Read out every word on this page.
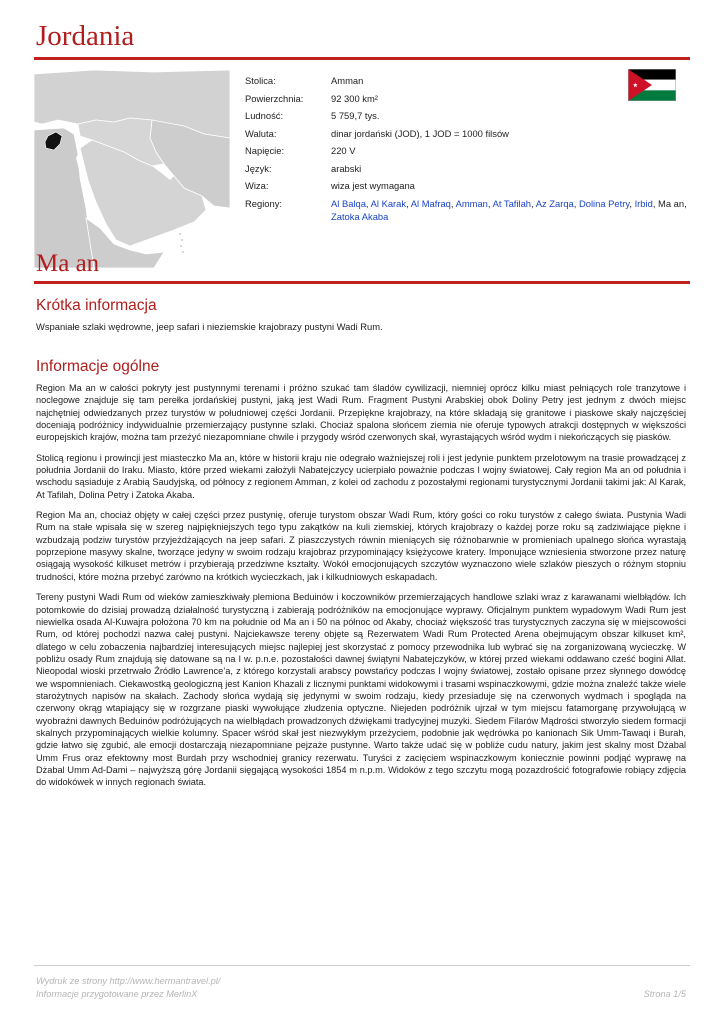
Jordania
Stolica:	Amman
Powierzchnia:	92 300 km²
Ludność:	5 759,7 tys.
Waluta:	dinar jordański (JOD), 1 JOD = 1000 filsów
Napięcie:	220 V
Język:	arabski
Wiza:	wiza jest wymagana
Regiony:	Al Balqa, Al Karak, Al Mafraq, Amman, At Tafilah, Az Zarqa, Dolina Petry, Irbid, Ma an, Zatoka Akaba
Ma an
Krótka informacja
Wspaniałe szlaki wędrowne, jeep safari i nieziemskie krajobrazy pustyni Wadi Rum.
Informacje ogólne

Region Ma an w całości pokryty jest pustynnymi terenami i próżno szukać tam śladów cywilizacji, niemniej oprócz kilku miast pełniących role tranzytowe i noclegowe znajduje się tam perełka jordańskiej pustyni, jaką jest Wadi Rum. Fragment Pustyni Arabskiej obok Doliny Petry jest jednym z dwóch miejsc najchętniej odwiedzanych przez turystów w południowej części Jordanii. Przepiękne krajobrazy, na które składają się granitowe i piaskowe skały najczęściej doceniają podróżnicy indywidualnie przemierzający pustynne szlaki. Chociaż spalona słońcem ziemia nie oferuje typowych atrakcji dostępnych w większości europejskich krajów, można tam przeżyć niezapomniane chwile i przygody wśród czerwonych skał, wyrastających wśród wydm i niekończących się piasków.

Stolicą regionu i prowincji jest miasteczko Ma an, które w historii kraju nie odegrało ważniejszej roli i jest jedynie punktem przelotowym na trasie prowadzącej z południa Jordanii do Iraku. Miasto, które przed wiekami założyli Nabatejczycy ucierpiało poważnie podczas I wojny światowej. Cały region Ma an od południa i wschodu sąsiaduje z Arabią Saudyjską, od północy z regionem Amman, z kolei od zachodu z pozostałymi regionami turystycznymi Jordanii takimi jak: Al Karak, At Tafilah, Dolina Petry i Zatoka Akaba.

Region Ma an, chociaż objęty w całej części przez pustynię, oferuje turystom obszar Wadi Rum, który gości co roku turystów z całego świata. Pustynia Wadi Rum na stałe wpisała się w szereg najpiękniejszych tego typu zakątków na kuli ziemskiej, których krajobrazy o każdej porze roku są zadziwiające piękne i wzbudzają podziw turystów przyjeżdżających na jeep safari. Z piaszczystych równin mieniących się różnobarwnie w promieniach upalnego słońca wyrastają poprzepione masywy skalne, tworzące jedyny w swoim rodzaju krajobraz przypominający księżycowe kratery. Imponujące wzniesienia stworzone przez naturę osiągają wysokość kilkuset metrów i przybierają przedziwne kształty. Wokół emocjonujących szczytów wyznaczono wiele szlaków pieszych o różnym stopniu trudności, które można przebyć zarówno na krótkich wycieczkach, jak i kilkudniowych eskapadach.

Tereny pustyni Wadi Rum od wieków zamieszkiwały plemiona Beduinów i koczowników przemierzających handlowe szlaki wraz z karawanami wielbłądów. Ich potomkowie do dzisiaj prowadzą działalność turystyczną i zabierają podróżników na emocjonujące wyprawy. Oficjalnym punktem wypadowym Wadi Rum jest niewielka osada Al-Kuwajra położona 70 km na południe od Ma an i 50 na północ od Akaby, chociaż większość tras turystycznych zaczyna się w miejscowości Rum, od której pochodzi nazwa całej pustyni. Najciekawsze tereny objęte są Rezerwatem Wadi Rum Protected Arena obejmującym obszar kilkuset km², dlatego w celu zobaczenia najbardziej interesujących miejsc najlepiej jest skorzystać z pomocy przewodnika lub wybrać się na zorganizowaną wycieczkę. W pobliżu osady Rum znajdują się datowane są na I w. p.n.e. pozostałości dawnej świątyni Nabatejczyków, w której przed wiekami oddawano cześć bogini Allat. Nieopodal wioski przetrwało Źródło Lawrence’a, z którego korzystali arabscy powstańcy podczas I wojny światowej, zostało opisane przez słynnego dowódcę we wspomnieniach. Ciekawostką geologiczną jest Kanion Khazali z licznymi punktami widokowymi i trasami wspinaczkowymi, gdzie można znaleźć także wiele starożytnych napisów na skałach. Zachody słońca wydają się jedynymi w swoim rodzaju, kiedy przesiaduje się na czerwonych wydmach i spogląda na czerwony okrąg wtapiający się w rozgrzane piaski wywołujące złudzenia optyczne. Niejeden podróżnik ujrzał w tym miejscu fatamorganę przywołującą w wyobraźni dawnych Beduinów podróżujących na wielbłądach prowadzonych dźwiękami tradycyjnej muzyki. Siedem Filarów Mądrości stworzyło siedem formacji skalnych przypominających wielkie kolumny. Spacer wśród skał jest niezwykłym przeżyciem, podobnie jak wędrówka po kanionach Sik Umm-Tawaqi i Burah, gdzie łatwo się zgubić, ale emocji dostarczają niezapomniane pejzaże pustynne. Warto także udać się w pobliże cudu natury, jakim jest skalny most Dżabal Umm Frus oraz efektowny most Burdah przy wschodniej granicy rezerwatu. Turyści z zacięciem wspinaczkowym koniecznie powinni podjąć wyprawę na Dżabal Umm Ad-Dami – najwyższą górę Jordanii sięgającą wysokości 1854 m n.p.m. Widoków z tego szczytu mogą pozazdrościć fotografowie robiący zdjęcia do widokówek w innych regionach świata.

Wydruk ze strony http://www.hermantravel.pl/
Informacje przygotowane przez MerlinX	Strona 1/5
